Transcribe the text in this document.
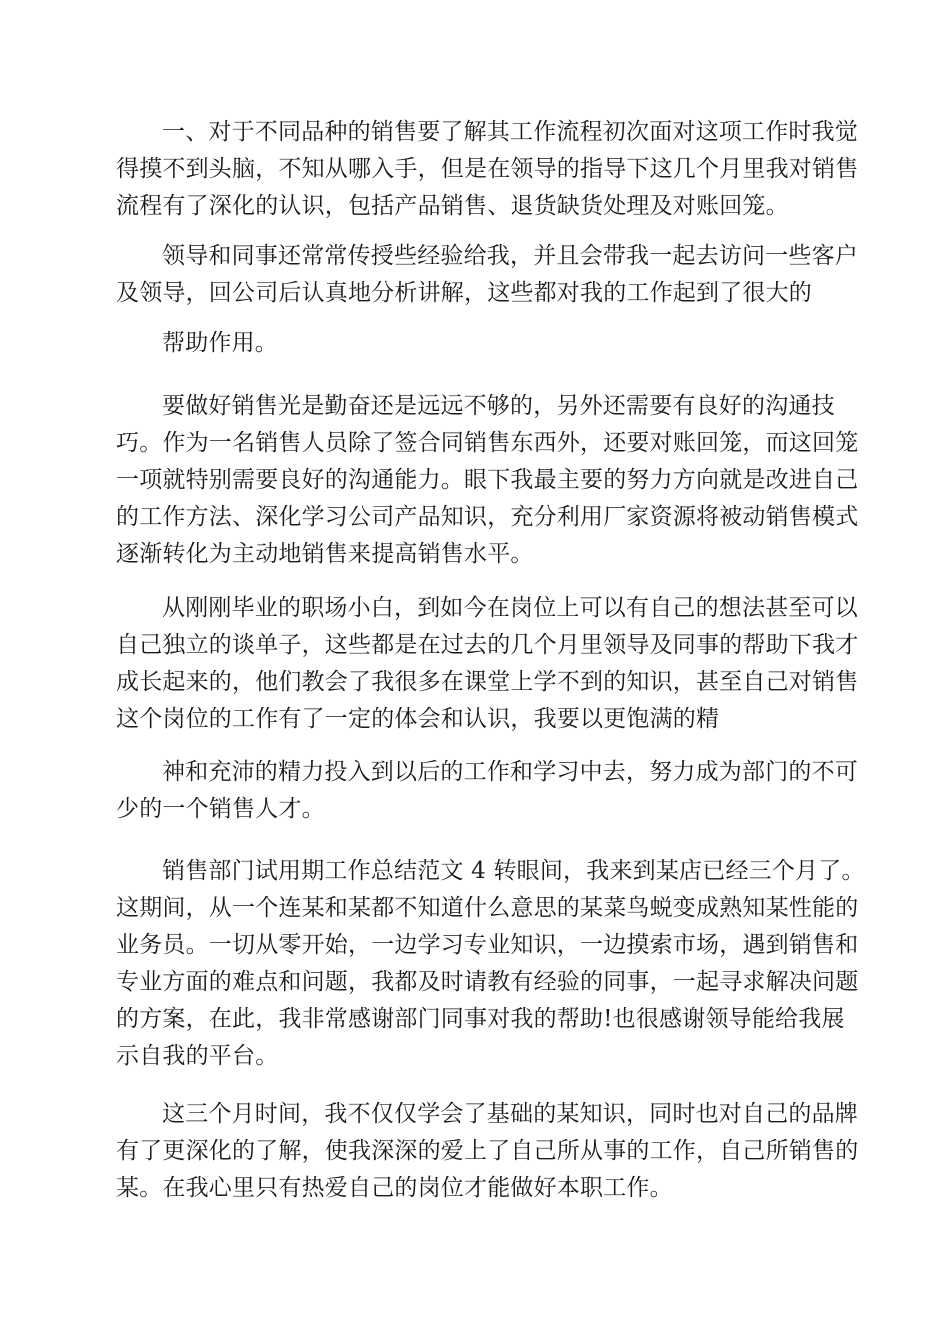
一、对于不同品种的销售要了解其工作流程初次面对这项工作时我觉
得摸不到头脑，不知从哪入手，但是在领导的指导下这几个月里我对销售
流程有了深化的认识，包括产品销售、退货缺货处理及对账回笼。

领导和同事还常常传授些经验给我，并且会带我一起去访问一些客户
及领导，回公司后认真地分析讲解，这些都对我的工作起到了很大的

帮助作用。

要做好销售光是勤奋还是远远不够的，另外还需要有良好的沟通技
巧。作为一名销售人员除了签合同销售东西外，还要对账回笼，而这回笼
一项就特别需要良好的沟通能力。眼下我最主要的努力方向就是改进自己
的工作方法、深化学习公司产品知识，充分利用厂家资源将被动销售模式
逐渐转化为主动地销售来提高销售水平。

从刚刚毕业的职场小白，到如今在岗位上可以有自己的想法甚至可以
自己独立的谈单子，这些都是在过去的几个月里领导及同事的帮助下我才
成长起来的，他们教会了我很多在课堂上学不到的知识，甚至自己对销售
这个岗位的工作有了一定的体会和认识，我要以更饱满的精

神和充沛的精力投入到以后的工作和学习中去，努力成为部门的不可
少的一个销售人才。

销售部门试用期工作总结范文 4 转眼间，我来到某店已经三个月了。
这期间，从一个连某和某都不知道什么意思的某菜鸟蜕变成熟知某性能的
业务员。一切从零开始，一边学习专业知识，一边摸索市场，遇到销售和
专业方面的难点和问题，我都及时请教有经验的同事，一起寻求解决问题
的方案，在此，我非常感谢部门同事对我的帮助!也很感谢领导能给我展
示自我的平台。

这三个月时间，我不仅仅学会了基础的某知识，同时也对自己的品牌
有了更深化的了解，使我深深的爱上了自己所从事的工作，自己所销售的
某。在我心里只有热爱自己的岗位才能做好本职工作。
